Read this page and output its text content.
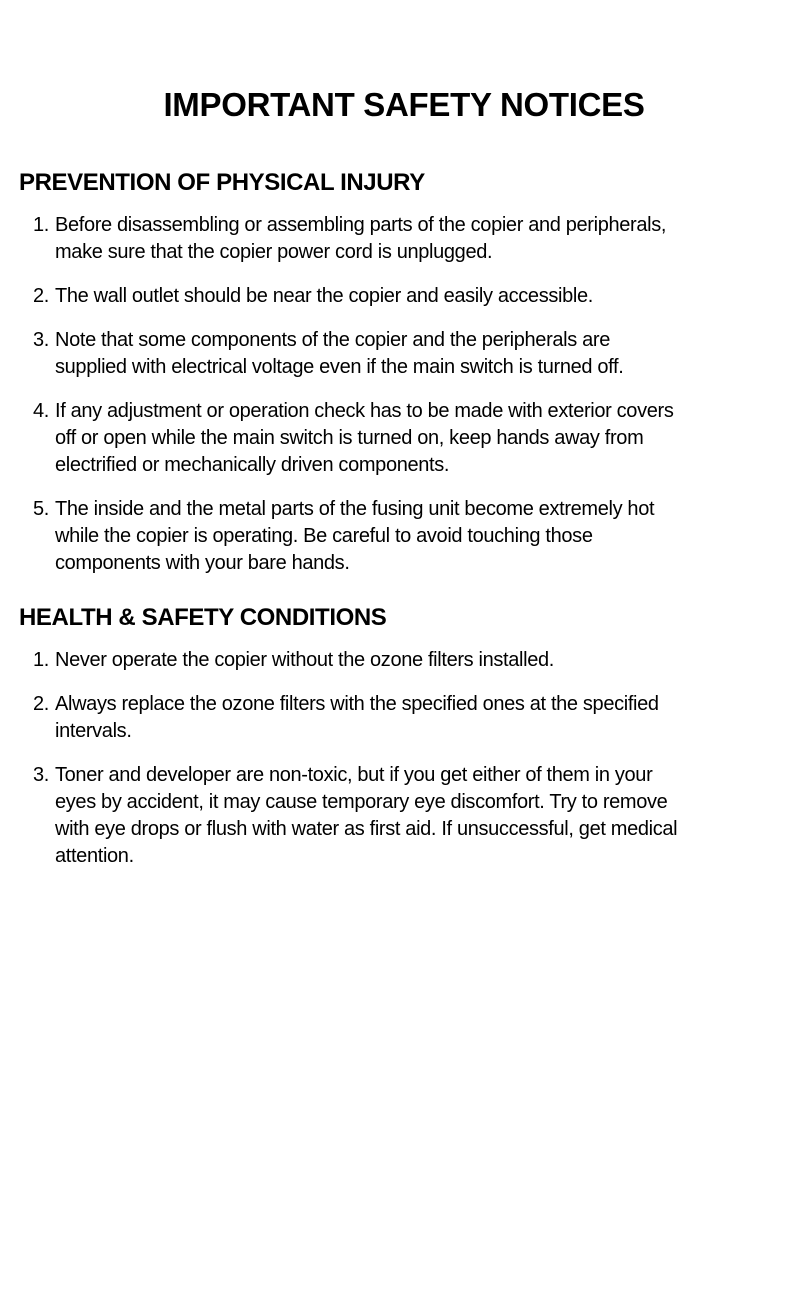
IMPORTANT SAFETY NOTICES
PREVENTION OF PHYSICAL INJURY
1. Before disassembling or assembling parts of the copier and peripherals,
make sure that the copier power cord is unplugged.
2. The wall outlet should be near the copier and easily accessible.
3. Note that some components of the copier and the peripherals are
supplied with electrical voltage even if the main switch is turned off.
4. If any adjustment or operation check has to be made with exterior covers
off or open while the main switch is turned on, keep hands away from
electrified or mechanically driven components.
5. The inside and the metal parts of the fusing unit become extremely hot
while the copier is operating. Be careful to avoid touching those
components with your bare hands.
HEALTH & SAFETY CONDITIONS
1. Never operate the copier without the ozone filters installed.
2. Always replace the ozone filters with the specified ones at the specified
intervals.
3. Toner and developer are non-toxic, but if you get either of them in your
eyes by accident, it may cause temporary eye discomfort. Try to remove
with eye drops or flush with water as first aid. If unsuccessful, get medical
attention.
